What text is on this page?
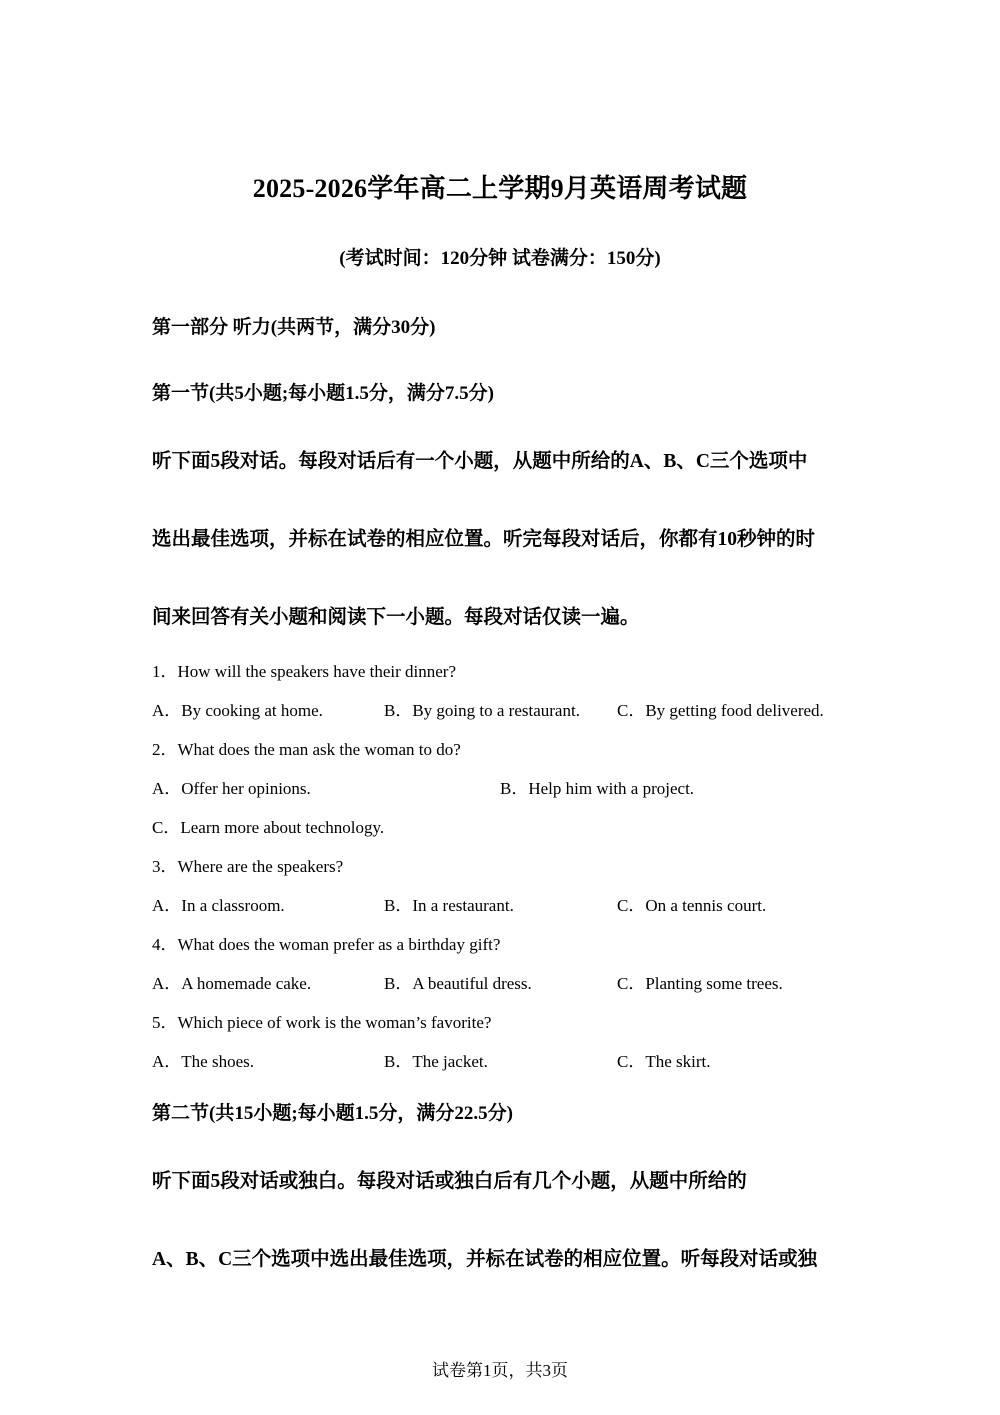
2025-2026学年高二上学期9月英语周考试题
(考试时间：120分钟 试卷满分：150分)
第一部分 听力(共两节，满分30分)
第一节(共5小题;每小题1.5分，满分7.5分)
听下面5段对话。每段对话后有一个小题，从题中所给的A、B、C三个选项中
选出最佳选项，并标在试卷的相应位置。听完每段对话后，你都有10秒钟的时
间来回答有关小题和阅读下一小题。每段对话仅读一遍。
1．How will the speakers have their dinner?
A．By cooking at home.	B．By going to a restaurant. C．By getting food delivered.
2．What does the man ask the woman to do?
A．Offer her opinions.	B．Help him with a project.
C．Learn more about technology.
3．Where are the speakers?
A．In a classroom.	B．In a restaurant.	C．On a tennis court.
4．What does the woman prefer as a birthday gift?
A．A homemade cake.	B．A beautiful dress.	C．Planting some trees.
5．Which piece of work is the woman’s favorite?
A．The shoes.	B．The jacket.	C．The skirt.
第二节(共15小题;每小题1.5分，满分22.5分)
听下面5段对话或独白。每段对话或独白后有几个小题，从题中所给的
A、B、C三个选项中选出最佳选项，并标在试卷的相应位置。听每段对话或独
试卷第1页，共3页
